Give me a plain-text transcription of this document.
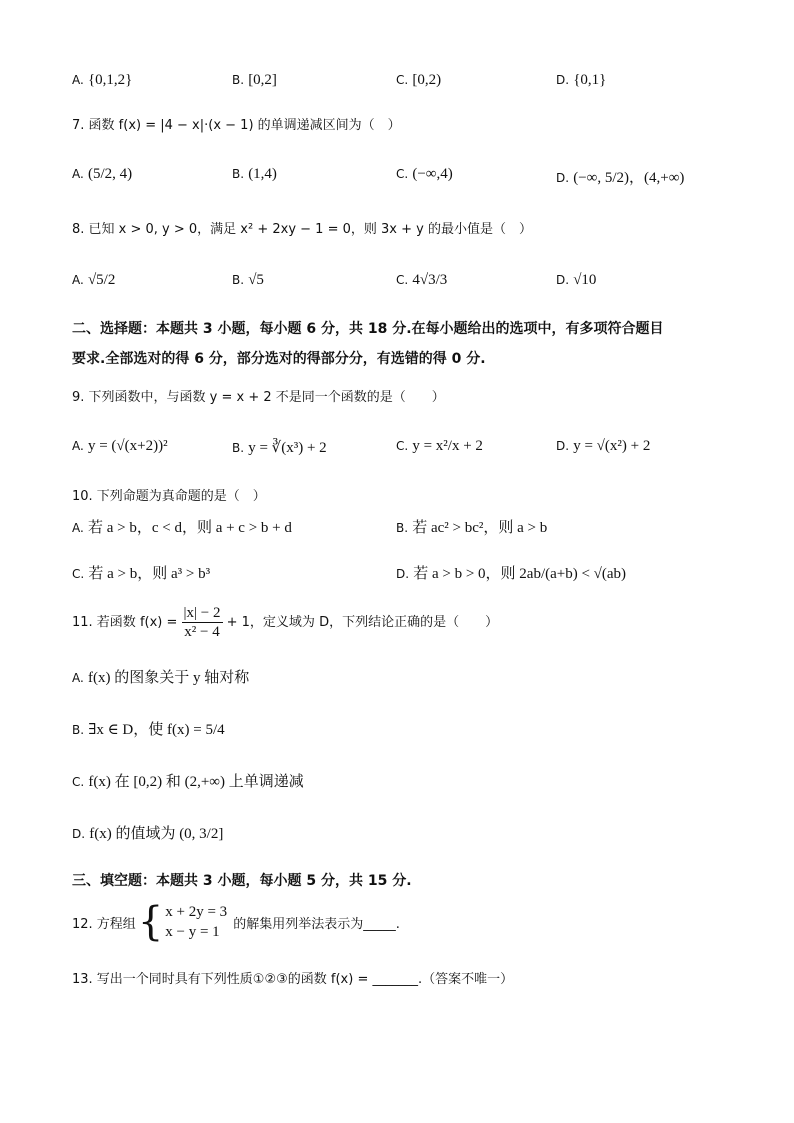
A. {0,1,2}	B. [0,2]	C. [0,2)	D. {0,1}
7. 函数 f(x) = |4 − x|·(x − 1) 的单调递减区间为（　）
A. (5/2, 4)	B. (1,4)	C. (−∞,4)	D. (−∞, 5/2)，(4,+∞)
8. 已知 x > 0, y > 0，满足 x² + 2xy − 1 = 0，则 3x + y 的最小值是（　）
A. √5/2	B. √5	C. 4√3/3	D. √10
二、选择题：本题共 3 小题，每小题 6 分，共 18 分.在每小题给出的选项中，有多项符合题目
要求.全部选对的得 6 分，部分选对的得部分分，有选错的得 0 分.
9. 下列函数中，与函数 y = x + 2 不是同一个函数的是（　　）
A. y = (√(x+2))²	B. y = ∛(x³) + 2	C. y = x²/x + 2	D. y = √(x²) + 2
10. 下列命题为真命题的是（　）
A. 若 a > b，c < d，则 a + c > b + d	B. 若 ac² > bc²，则 a > b
C. 若 a > b，则 a³ > b³	D. 若 a > b > 0，则 2ab/(a+b) < √(ab)
11. 若函数 $f(x) = \frac{|x| - 2}{\text{x² − 4}} + 1$，定义域为 D，下列结论正确的是（　　）
A. f(x) 的图象关于 y 轴对称
B. ∃x ∈ D，使 f(x) = 5/4
C. f(x) 在 [0,2) 和 (2,+∞) 上单调递减
D. f(x) 的值域为 (0, 3/2]
三、填空题：本题共 3 小题，每小题 5 分，共 15 分.
12. 方程组 { x + 2y = 3
x − y = 1	的解集用列举法表示为_____.
13. 写出一个同时具有下列性质①②③的函数 f(x) = _______.（答案不唯一）
